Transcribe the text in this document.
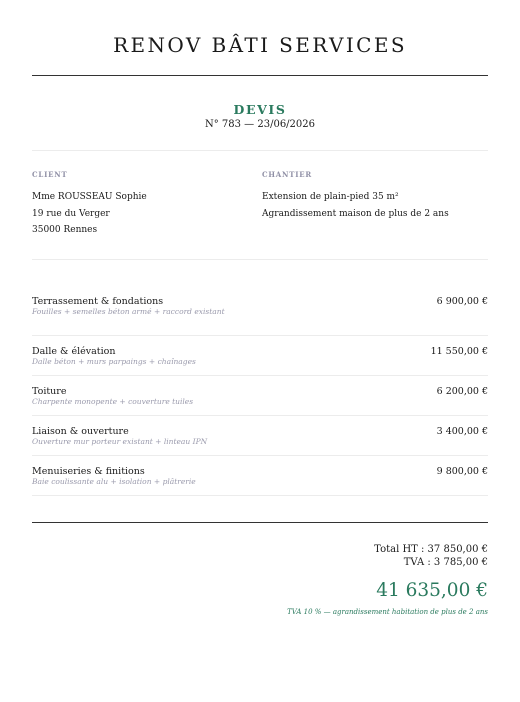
RENOV BÂTI SERVICES
DEVIS
N° 783 — 23/06/2026
CLIENT
Mme ROUSSEAU Sophie
19 rue du Verger
35000 Rennes
CHANTIER
Extension de plain-pied 35 m²
Agrandissement maison de plus de 2 ans
Terrassement & fondations
Fouilles + semelles béton armé + raccord existant
6 900,00 €
Dalle & élévation
Dalle béton + murs parpaings + chaînages
11 550,00 €
Toiture
Charpente monopente + couverture tuiles
6 200,00 €
Liaison & ouverture
Ouverture mur porteur existant + linteau IPN
3 400,00 €
Menuiseries & finitions
Baie coulissante alu + isolation + plâtrerie
9 800,00 €
Total HT : 37 850,00 €
TVA : 3 785,00 €
41 635,00 €
TVA 10 % — agrandissement habitation de plus de 2 ans
